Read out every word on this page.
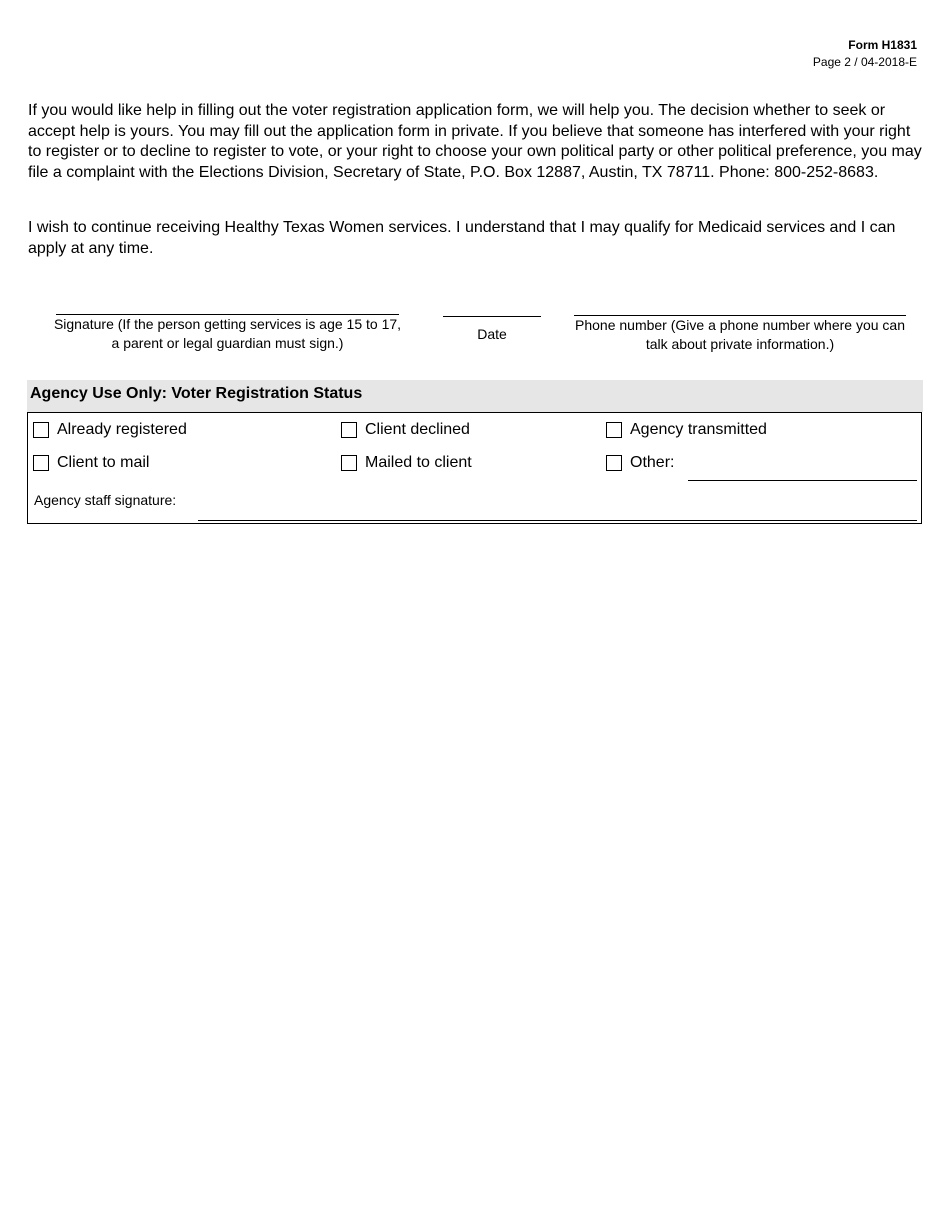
Form H1831
Page 2 / 04-2018-E
If you would like help in filling out the voter registration application form, we will help you. The decision whether to seek or accept help is yours. You may fill out the application form in private. If you believe that someone has interfered with your right to register or to decline to register to vote, or your right to choose your own political party or other political preference, you may file a complaint with the Elections Division, Secretary of State, P.O. Box 12887, Austin, TX 78711. Phone: 800-252-8683.
I wish to continue receiving Healthy Texas Women services. I understand that I may qualify for Medicaid services and I can apply at any time.
Signature (If the person getting services is age 15 to 17, a parent or legal guardian must sign.)
Date
Phone number (Give a phone number where you can talk about private information.)
Agency Use Only: Voter Registration Status
Already registered	Client declined	Agency transmitted
Client to mail	Mailed to client	Other:
Agency staff signature:
